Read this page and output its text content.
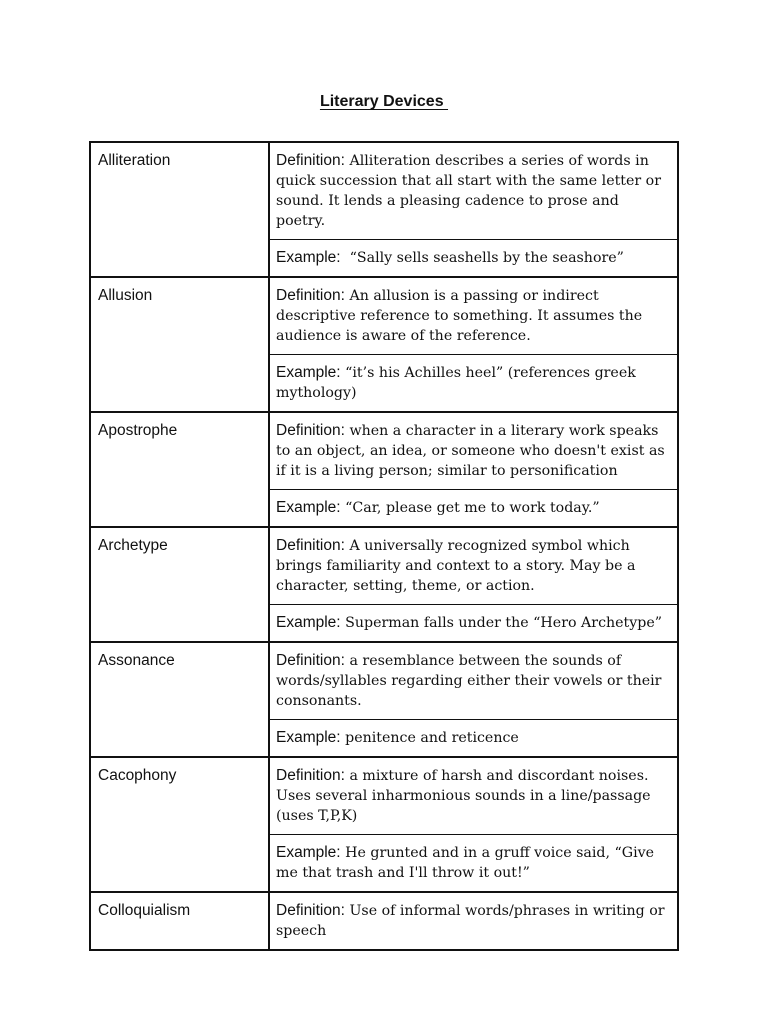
Literary Devices
Alliteration	Definition: Alliteration describes a series of words in quick succession that all start with the same letter or sound. It lends a pleasing cadence to prose and poetry.
	Example: “Sally sells seashells by the seashore”
Allusion	Definition: An allusion is a passing or indirect descriptive reference to something. It assumes the audience is aware of the reference.
	Example: “it’s his Achilles heel” (references greek mythology)
Apostrophe	Definition: when a character in a literary work speaks to an object, an idea, or someone who doesn't exist as if it is a living person; similar to personification
	Example: “Car, please get me to work today.”
Archetype	Definition: A universally recognized symbol which brings familiarity and context to a story. May be a character, setting, theme, or action.
	Example: Superman falls under the “Hero Archetype”
Assonance	Definition: a resemblance between the sounds of words/syllables regarding either their vowels or their consonants.
	Example: penitence and reticence
Cacophony	Definition: a mixture of harsh and discordant noises. Uses several inharmonious sounds in a line/passage (uses T,P,K)
	Example: He grunted and in a gruff voice said, “Give me that trash and I'll throw it out!”
Colloquialism	Definition: Use of informal words/phrases in writing or speech
